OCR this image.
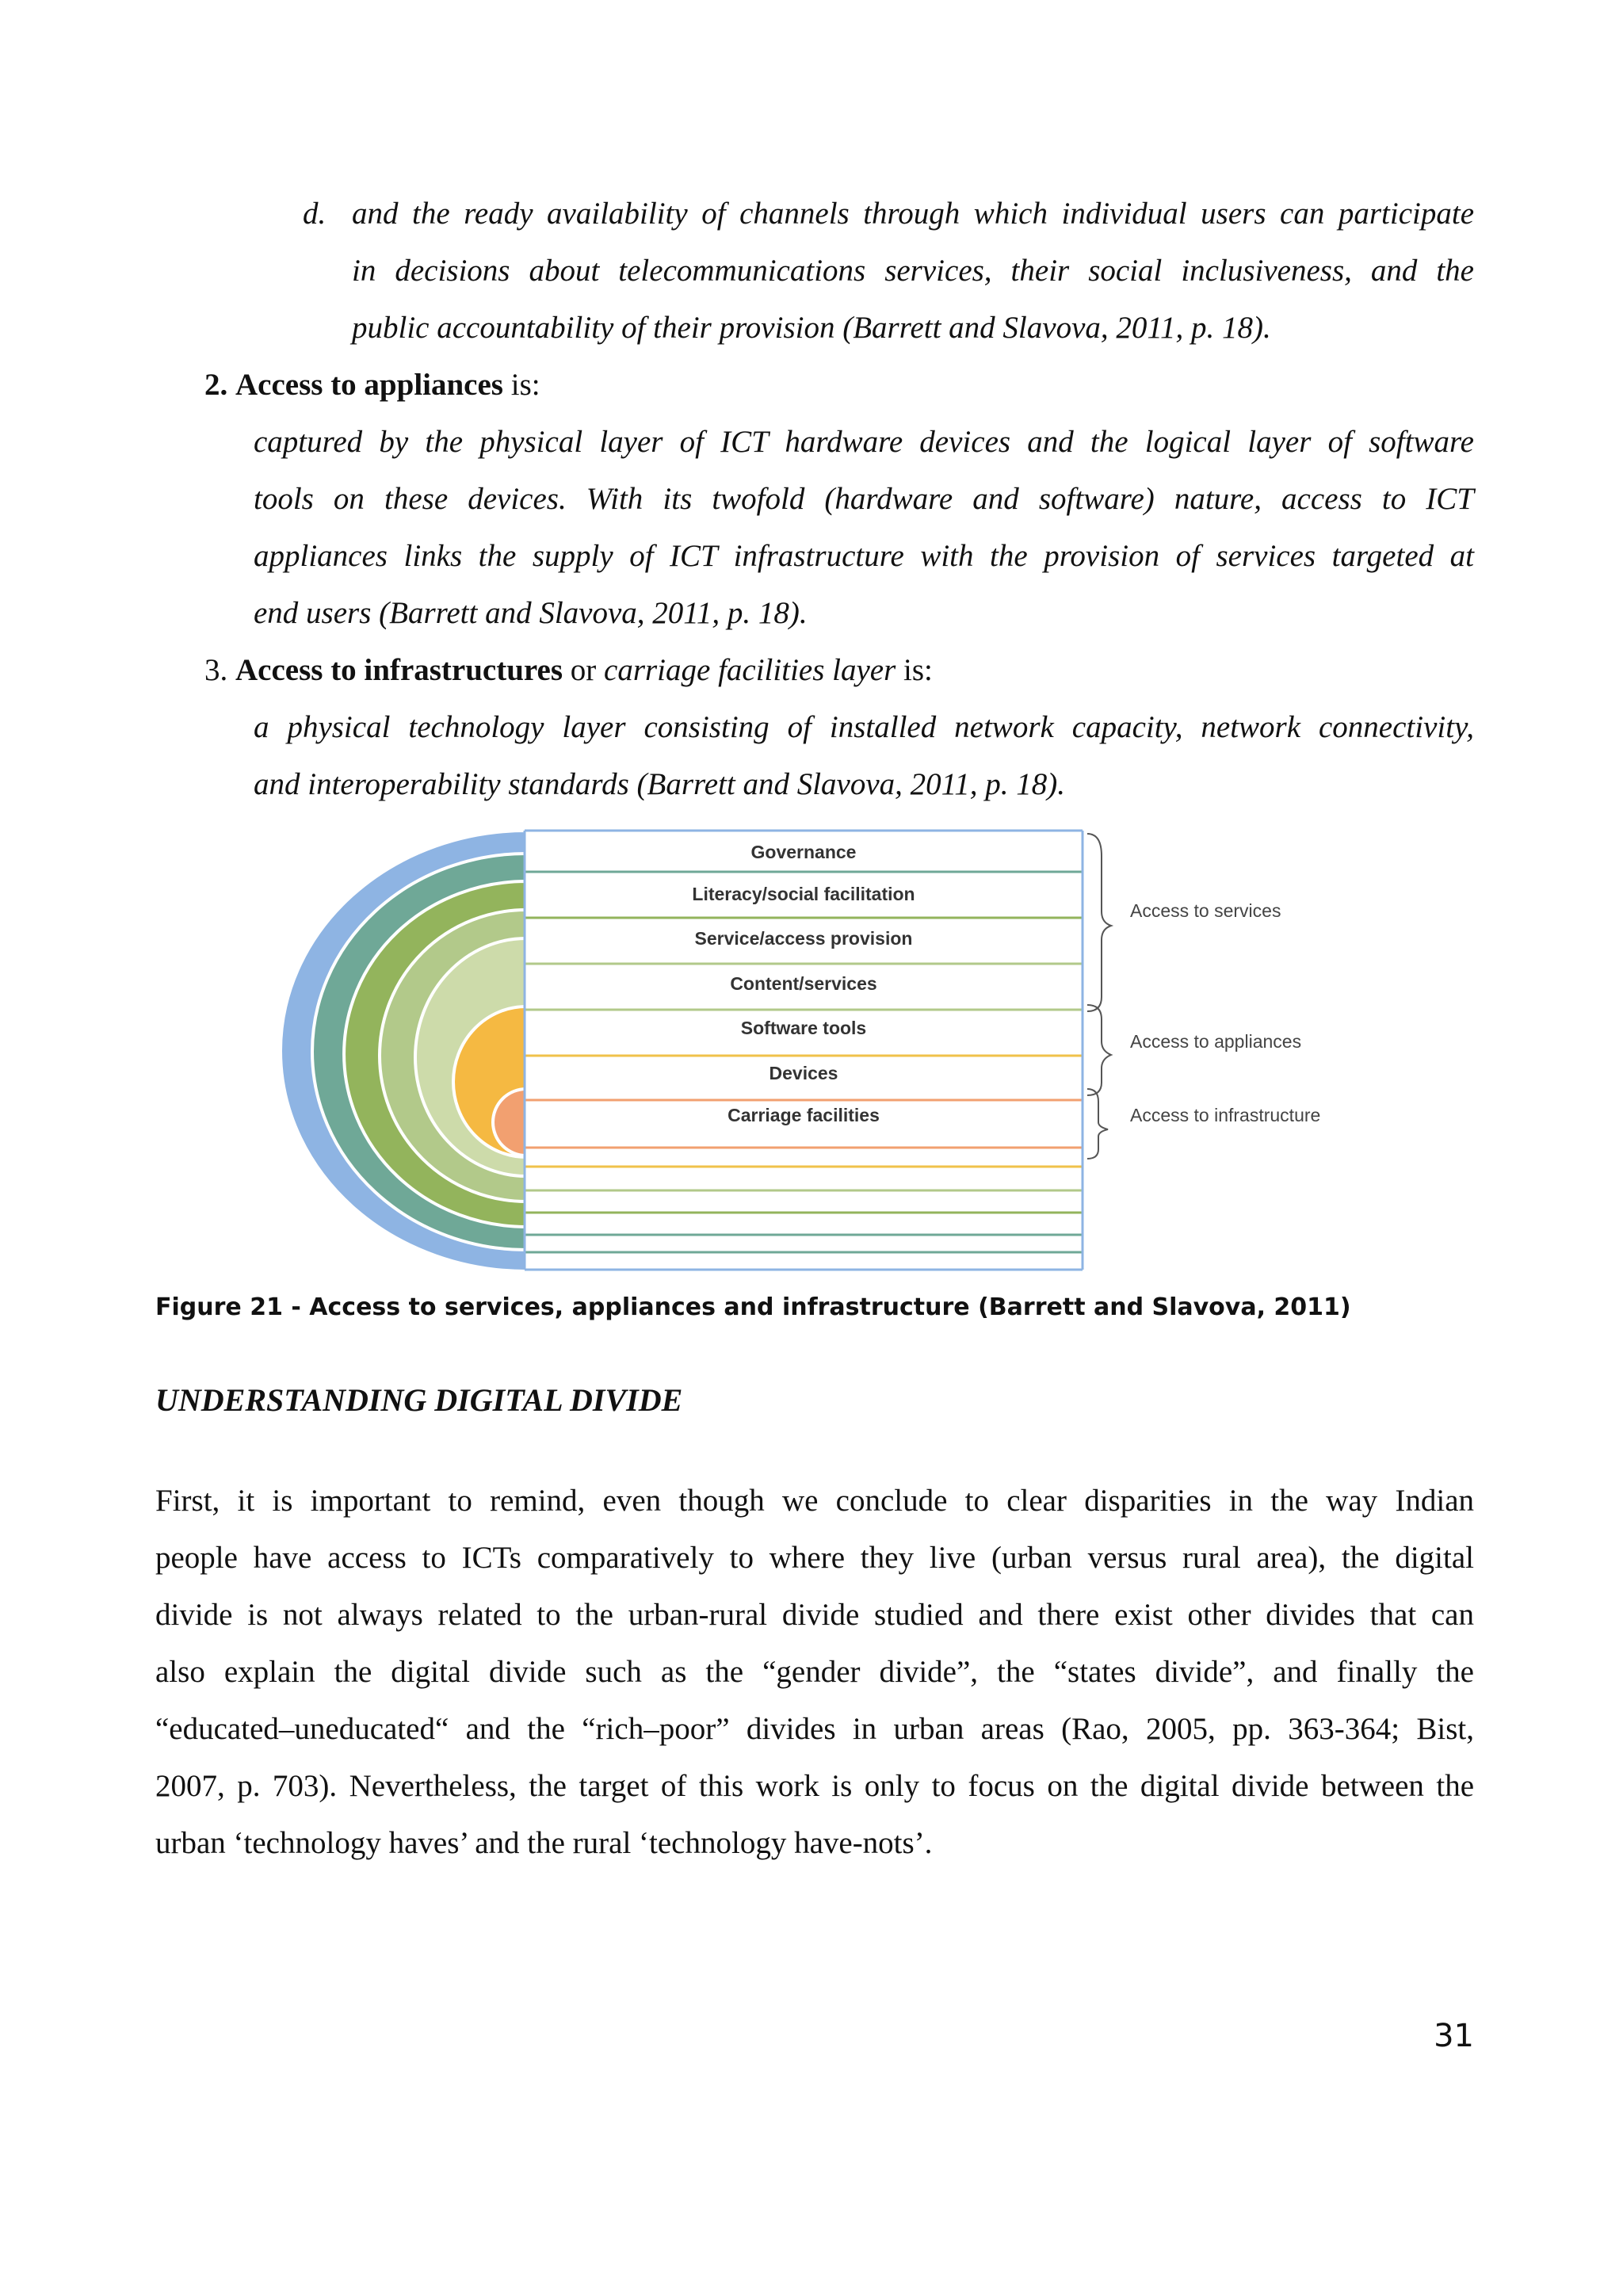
d. and the ready availability of channels through which individual users can participate
in decisions about telecommunications services, their social inclusiveness, and the
public accountability of their provision (Barrett and Slavova, 2011, p. 18).
2. Access to appliances is:
captured by the physical layer of ICT hardware devices and the logical layer of software
tools on these devices. With its twofold (hardware and software) nature, access to ICT
appliances links the supply of ICT infrastructure with the provision of services targeted at
end users (Barrett and Slavova, 2011, p. 18).
3. Access to infrastructures or carriage facilities layer is:
a physical technology layer consisting of installed network capacity, network connectivity,
and interoperability standards (Barrett and Slavova, 2011, p. 18).
Governance
Literacy/social facilitation
Service/access provision
Content/services
Software tools
Devices
Carriage facilities
Access to services
Access to appliances
Access to infrastructure
Figure 21 - Access to services, appliances and infrastructure (Barrett and Slavova, 2011)
UNDERSTANDING DIGITAL DIVIDE
First, it is important to remind, even though we conclude to clear disparities in the way Indian
people have access to ICTs comparatively to where they live (urban versus rural area), the digital
divide is not always related to the urban-rural divide studied and there exist other divides that can
also explain the digital divide such as the “gender divide”, the “states divide”, and finally the
“educated–uneducated“ and the “rich–poor” divides in urban areas (Rao, 2005, pp. 363-364; Bist,
2007, p. 703). Nevertheless, the target of this work is only to focus on the digital divide between the
urban ‘technology haves’ and the rural ‘technology have-nots’.
31
